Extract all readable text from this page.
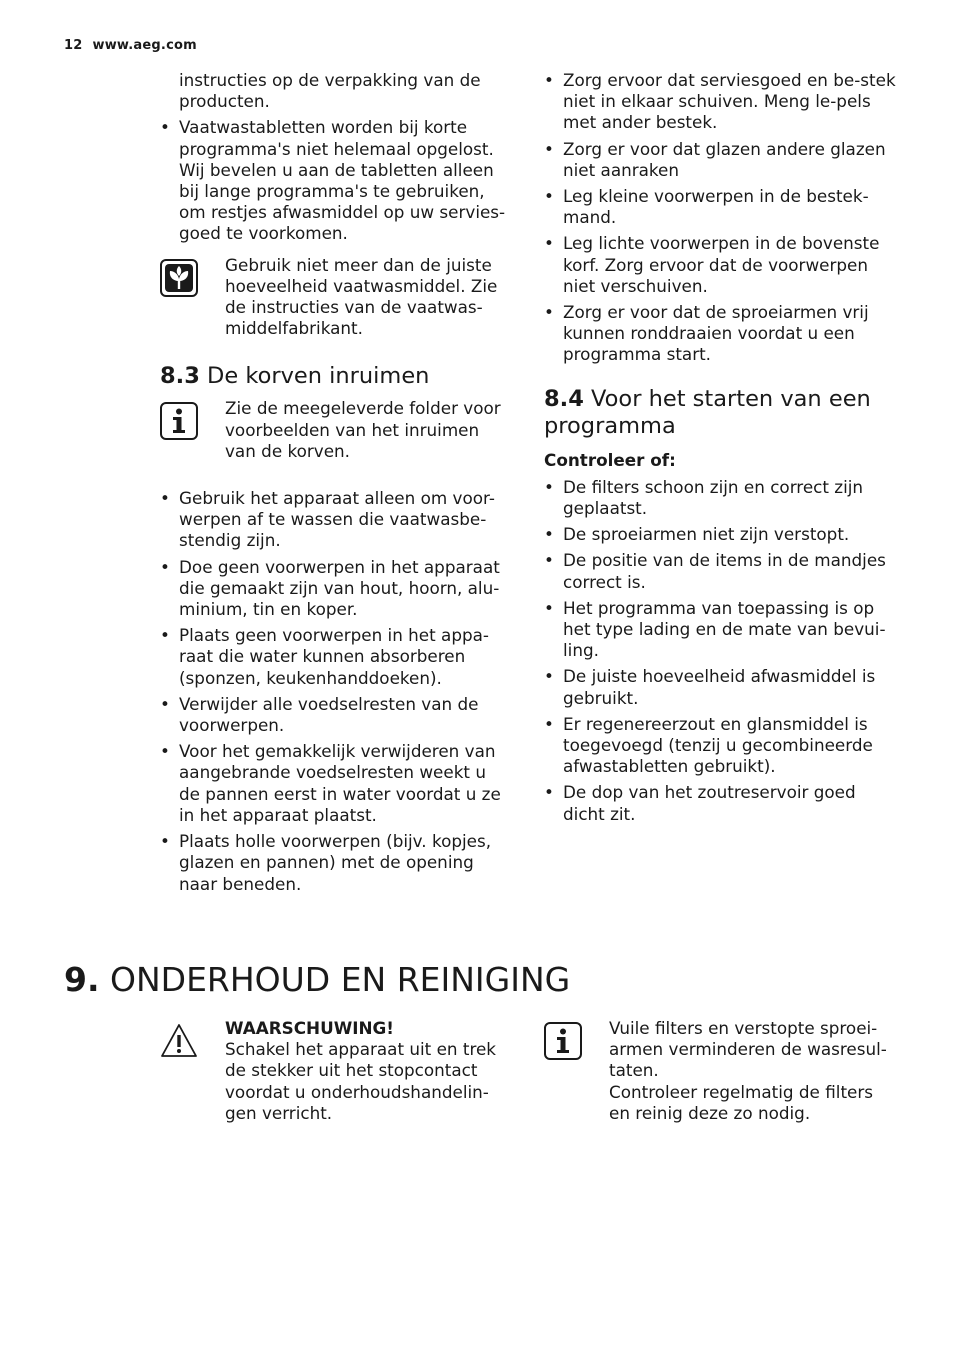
12 www.aeg.com

instructies op de verpakking van de producten.

• Vaatwastabletten worden bij korte programma's niet helemaal opgelost. Wij bevelen u aan de tabletten alleen bij lange programma's te gebruiken, om restjes afwasmiddel op uw servies-goed te voorkomen.

Gebruik niet meer dan de juiste hoeveelheid vaatwasmiddel. Zie de instructies van de vaatwas-middelfabrikant.

8.3 De korven inruimen

Zie de meegeleverde folder voor voorbeelden van het inruimen van de korven.

• Gebruik het apparaat alleen om voor-werpen af te wassen die vaatwasbe-stendig zijn.
• Doe geen voorwerpen in het apparaat die gemaakt zijn van hout, hoorn, alu-minium, tin en koper.
• Plaats geen voorwerpen in het appa-raat die water kunnen absorberen (sponzen, keukenhanddoeken).
• Verwijder alle voedselresten van de voorwerpen.
• Voor het gemakkelijk verwijderen van aangebrande voedselresten weekt u de pannen eerst in water voordat u ze in het apparaat plaatst.
• Plaats holle voorwerpen (bijv. kopjes, glazen en pannen) met de opening naar beneden.
• Zorg ervoor dat serviesgoed en be-stek niet in elkaar schuiven. Meng le-pels met ander bestek.
• Zorg er voor dat glazen andere glazen niet aanraken
• Leg kleine voorwerpen in de bestek-mand.
• Leg lichte voorwerpen in de bovenste korf. Zorg ervoor dat de voorwerpen niet verschuiven.
• Zorg er voor dat de sproeiarmen vrij kunnen ronddraaien voordat u een programma start.
8.4 Voor het starten van een programma

Controleer of:

• De filters schoon zijn en correct zijn geplaatst.
• De sproeiarmen niet zijn verstopt.
• De positie van de items in de mandjes correct is.
• Het programma van toepassing is op het type lading en de mate van bevui-ling.
• De juiste hoeveelheid afwasmiddel is gebruikt.
• Er regenereerzout en glansmiddel is toegevoegd (tenzij u gecombineerde afwastabletten gebruikt).
• De dop van het zoutreservoir goed dicht zit.
9. ONDERHOUD EN REINIGING

WAARSCHUWING!

Schakel het apparaat uit en trek de stekker uit het stopcontact voordat u onderhoudshandelin-gen verricht.

Vuile filters en verstopte sproei-armen verminderen de wasresul-taten.

Controleer regelmatig de filters en reinig deze zo nodig.
